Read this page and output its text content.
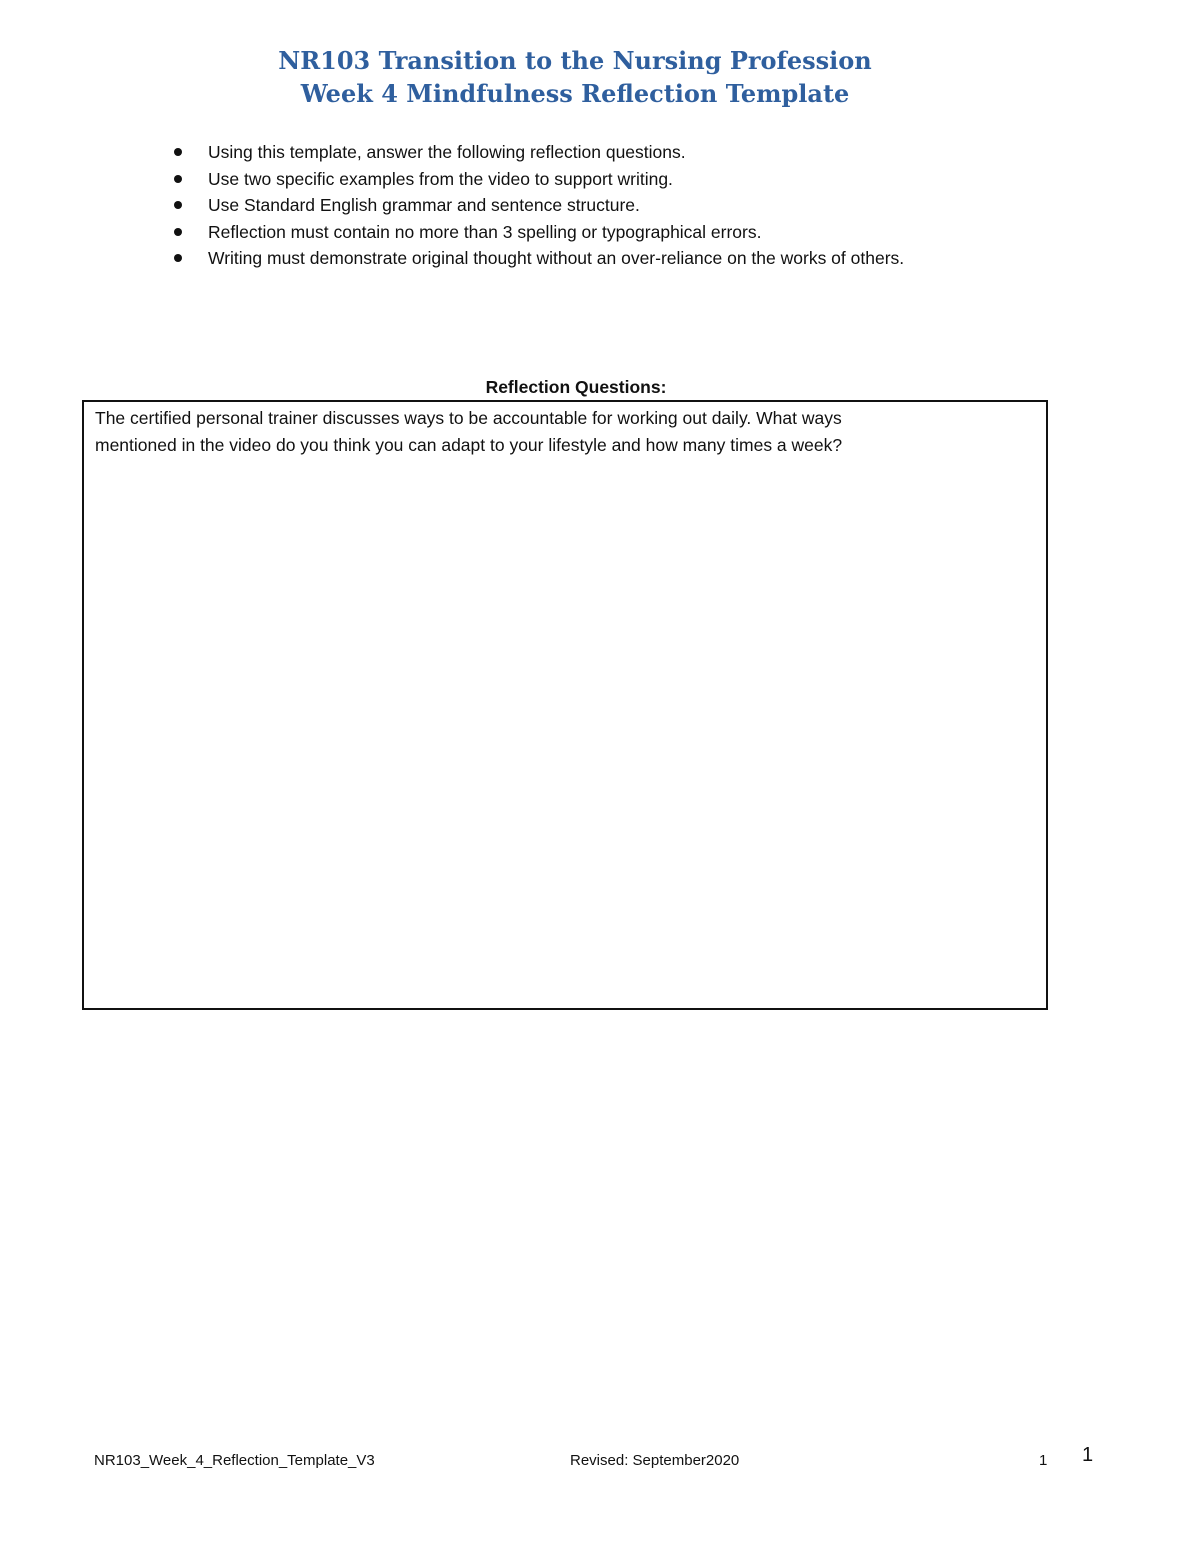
NR103 Transition to the Nursing Profession
Week 4 Mindfulness Reflection Template
Using this template, answer the following reflection questions.
Use two specific examples from the video to support writing.
Use Standard English grammar and sentence structure.
Reflection must contain no more than 3 spelling or typographical errors.
Writing must demonstrate original thought without an over-reliance on the works of others.
Reflection Questions:
The certified personal trainer discusses ways to be accountable for working out daily. What ways
mentioned in the video do you think you can adapt to your lifestyle and how many times a week?
NR103_Week_4_Reflection_Template_V3	Revised: September2020	1 1
